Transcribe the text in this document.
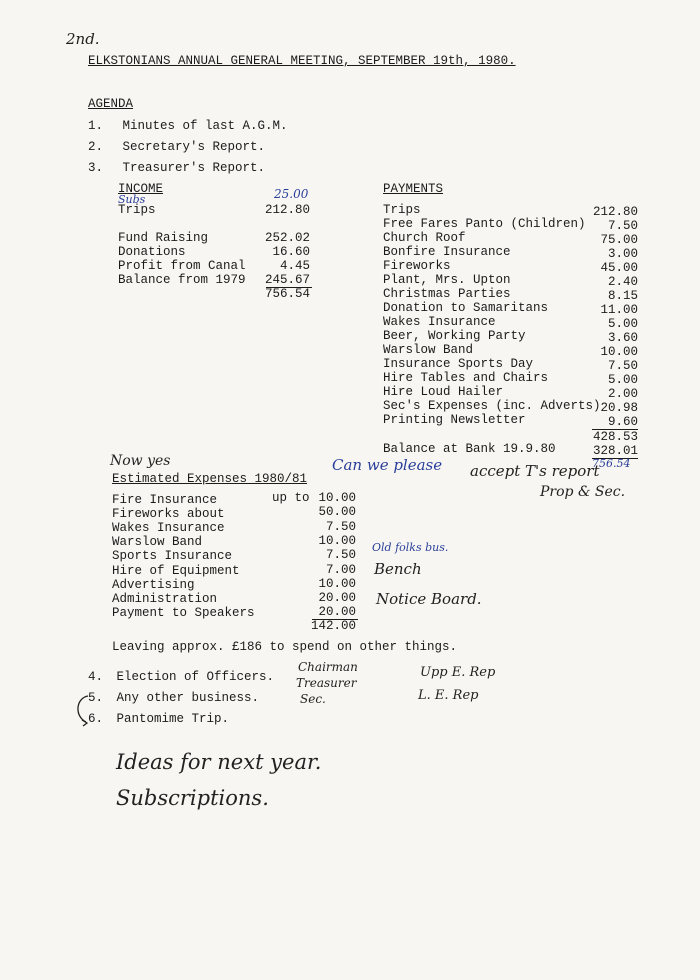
2nd.
ELKSTONIANS ANNUAL GENERAL MEETING, SEPTEMBER 19th, 1980.
AGENDA
1. Minutes of last A.G.M.
2. Secretary's Report.
3. Treasurer's Report.
INCOME
Subs	25.00
Trips	212.80
Fund Raising	252.02
Donations	16.60
Profit from Canal	4.45
Balance from 1979	245.67
756.54
PAYMENTS
Trips	212.80
Free Fares Panto (Children)	7.50
Church Roof	75.00
Bonfire Insurance	3.00
Fireworks	45.00
Plant, Mrs. Upton	2.40
Christmas Parties	8.15
Donation to Samaritans	11.00
Wakes Insurance	5.00
Beer, Working Party	3.60
Warslow Band	10.00
Insurance Sports Day	7.50
Hire Tables and Chairs	5.00
Hire Loud Hailer	2.00
Sec's Expenses (inc. Adverts) 20.98
Printing Newsletter	9.60
428.53
Balance at Bank 19.9.80	328.01
756.54
Can we please accept T's report
Prop & Sec.
Now yes
Estimated Expenses 1980/81
Fire Insurance	up to 10.00
Fireworks about	50.00
Wakes Insurance	7.50
Warslow Band	10.00
Sports Insurance	7.50
Hire of Equipment	7.00
Advertising	10.00
Administration	20.00
Payment to Speakers	20.00
142.00
Old folks bus.
Bench
Notice Board.
Leaving approx. £186 to spend on other things.
4. Election of Officers.
5. Any other business.
6. Pantomime Trip.
Chairman
Treasurer
Sec.
Upp E. Rep
L. E. Rep
Ideas for next year.
Subscriptions.
